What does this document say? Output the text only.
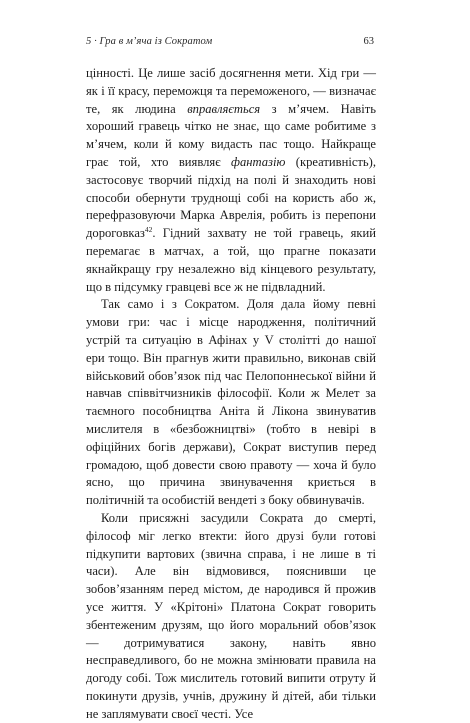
5 · Гра в м’яча із Сократом	63

цінності. Це лише засіб досягнення мети. Хід гри — як і її красу, переможця та переможеного, — визначає те, як людина вправляється з м’ячем. Навіть хороший гравець чітко не знає, що саме робитиме з м’ячем, коли й кому видасть пас тощо. Найкраще грає той, хто виявляє фантазію (креативність), застосовує творчий підхід на полі й знаходить нові способи обернути труднощі собі на користь або ж, перефразовуючи Марка Аврелія, робить із перепони дороговказ$^{42}$. Гідний захвату не той гравець, який перемагає в матчах, а той, що прагне показати якнайкращу гру незалежно від кінцевого результату, що в підсумку гравцеві все ж не підвладний.

Так само і з Сократом. Доля дала йому певні умови гри: час і місце народження, політичний устрій та ситуацію в Афінах у V столітті до нашої ери тощо. Він прагнув жити правильно, виконав свій військовий обов’язок під час Пелопоннеської війни й навчав співвітчизників філософії. Коли ж Мелет за таємного пособництва Аніта й Лікона звинуватив мислителя в «безбожництві» (тобто в невірі в офіційних богів держави), Сократ виступив перед громадою, щоб довести свою правоту — хоча й було ясно, що причина звинувачення криється в політичній та особистій вендеті з боку обвинувачів.

Коли присяжні засудили Сократа до смерті, філософ міг легко втекти: його друзі були готові підкупити вартових (звична справа, і не лише в ті часи). Але він відмовився, пояснивши це зобов’язанням перед містом, де народився й прожив усе життя. У «Крітоні» Платона Сократ говорить збентеженим друзям, що його моральний обов’язок — дотримуватися закону, навіть явно несправедливого, бо не можна змінювати правила на догоду собі. Тож мислитель готовий випити отруту й покинути друзів, учнів, дружину й дітей, аби тільки не заплямувати своєї честі. Усе
